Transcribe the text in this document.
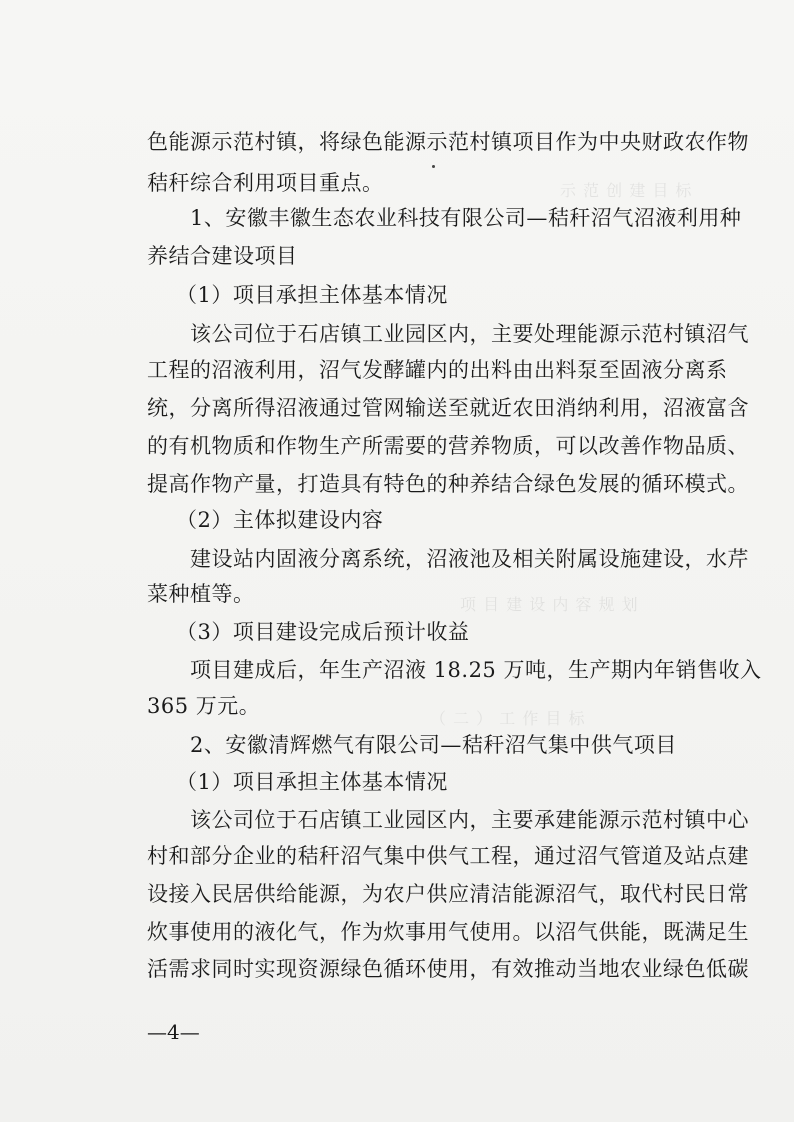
示 范 创 建 目 标
项 目 建 设 内 容 规 划
（ 二 ） 工 作 目 标
色能源示范村镇，将绿色能源示范村镇项目作为中央财政农作物
秸秆综合利用项目重点。
1、安徽丰徽生态农业科技有限公司—秸秆沼气沼液利用种
养结合建设项目
（1）项目承担主体基本情况
该公司位于石店镇工业园区内，主要处理能源示范村镇沼气
工程的沼液利用，沼气发酵罐内的出料由出料泵至固液分离系
统，分离所得沼液通过管网输送至就近农田消纳利用，沼液富含
的有机物质和作物生产所需要的营养物质，可以改善作物品质、
提高作物产量，打造具有特色的种养结合绿色发展的循环模式。
（2）主体拟建设内容
建设站内固液分离系统，沼液池及相关附属设施建设，水芹
菜种植等。
（3）项目建设完成后预计收益
项目建成后，年生产沼液 18.25 万吨，生产期内年销售收入
365 万元。
2、安徽清辉燃气有限公司—秸秆沼气集中供气项目
（1）项目承担主体基本情况
该公司位于石店镇工业园区内，主要承建能源示范村镇中心
村和部分企业的秸秆沼气集中供气工程，通过沼气管道及站点建
设接入民居供给能源，为农户供应清洁能源沼气，取代村民日常
炊事使用的液化气，作为炊事用气使用。以沼气供能，既满足生
活需求同时实现资源绿色循环使用，有效推动当地农业绿色低碳
—4—
